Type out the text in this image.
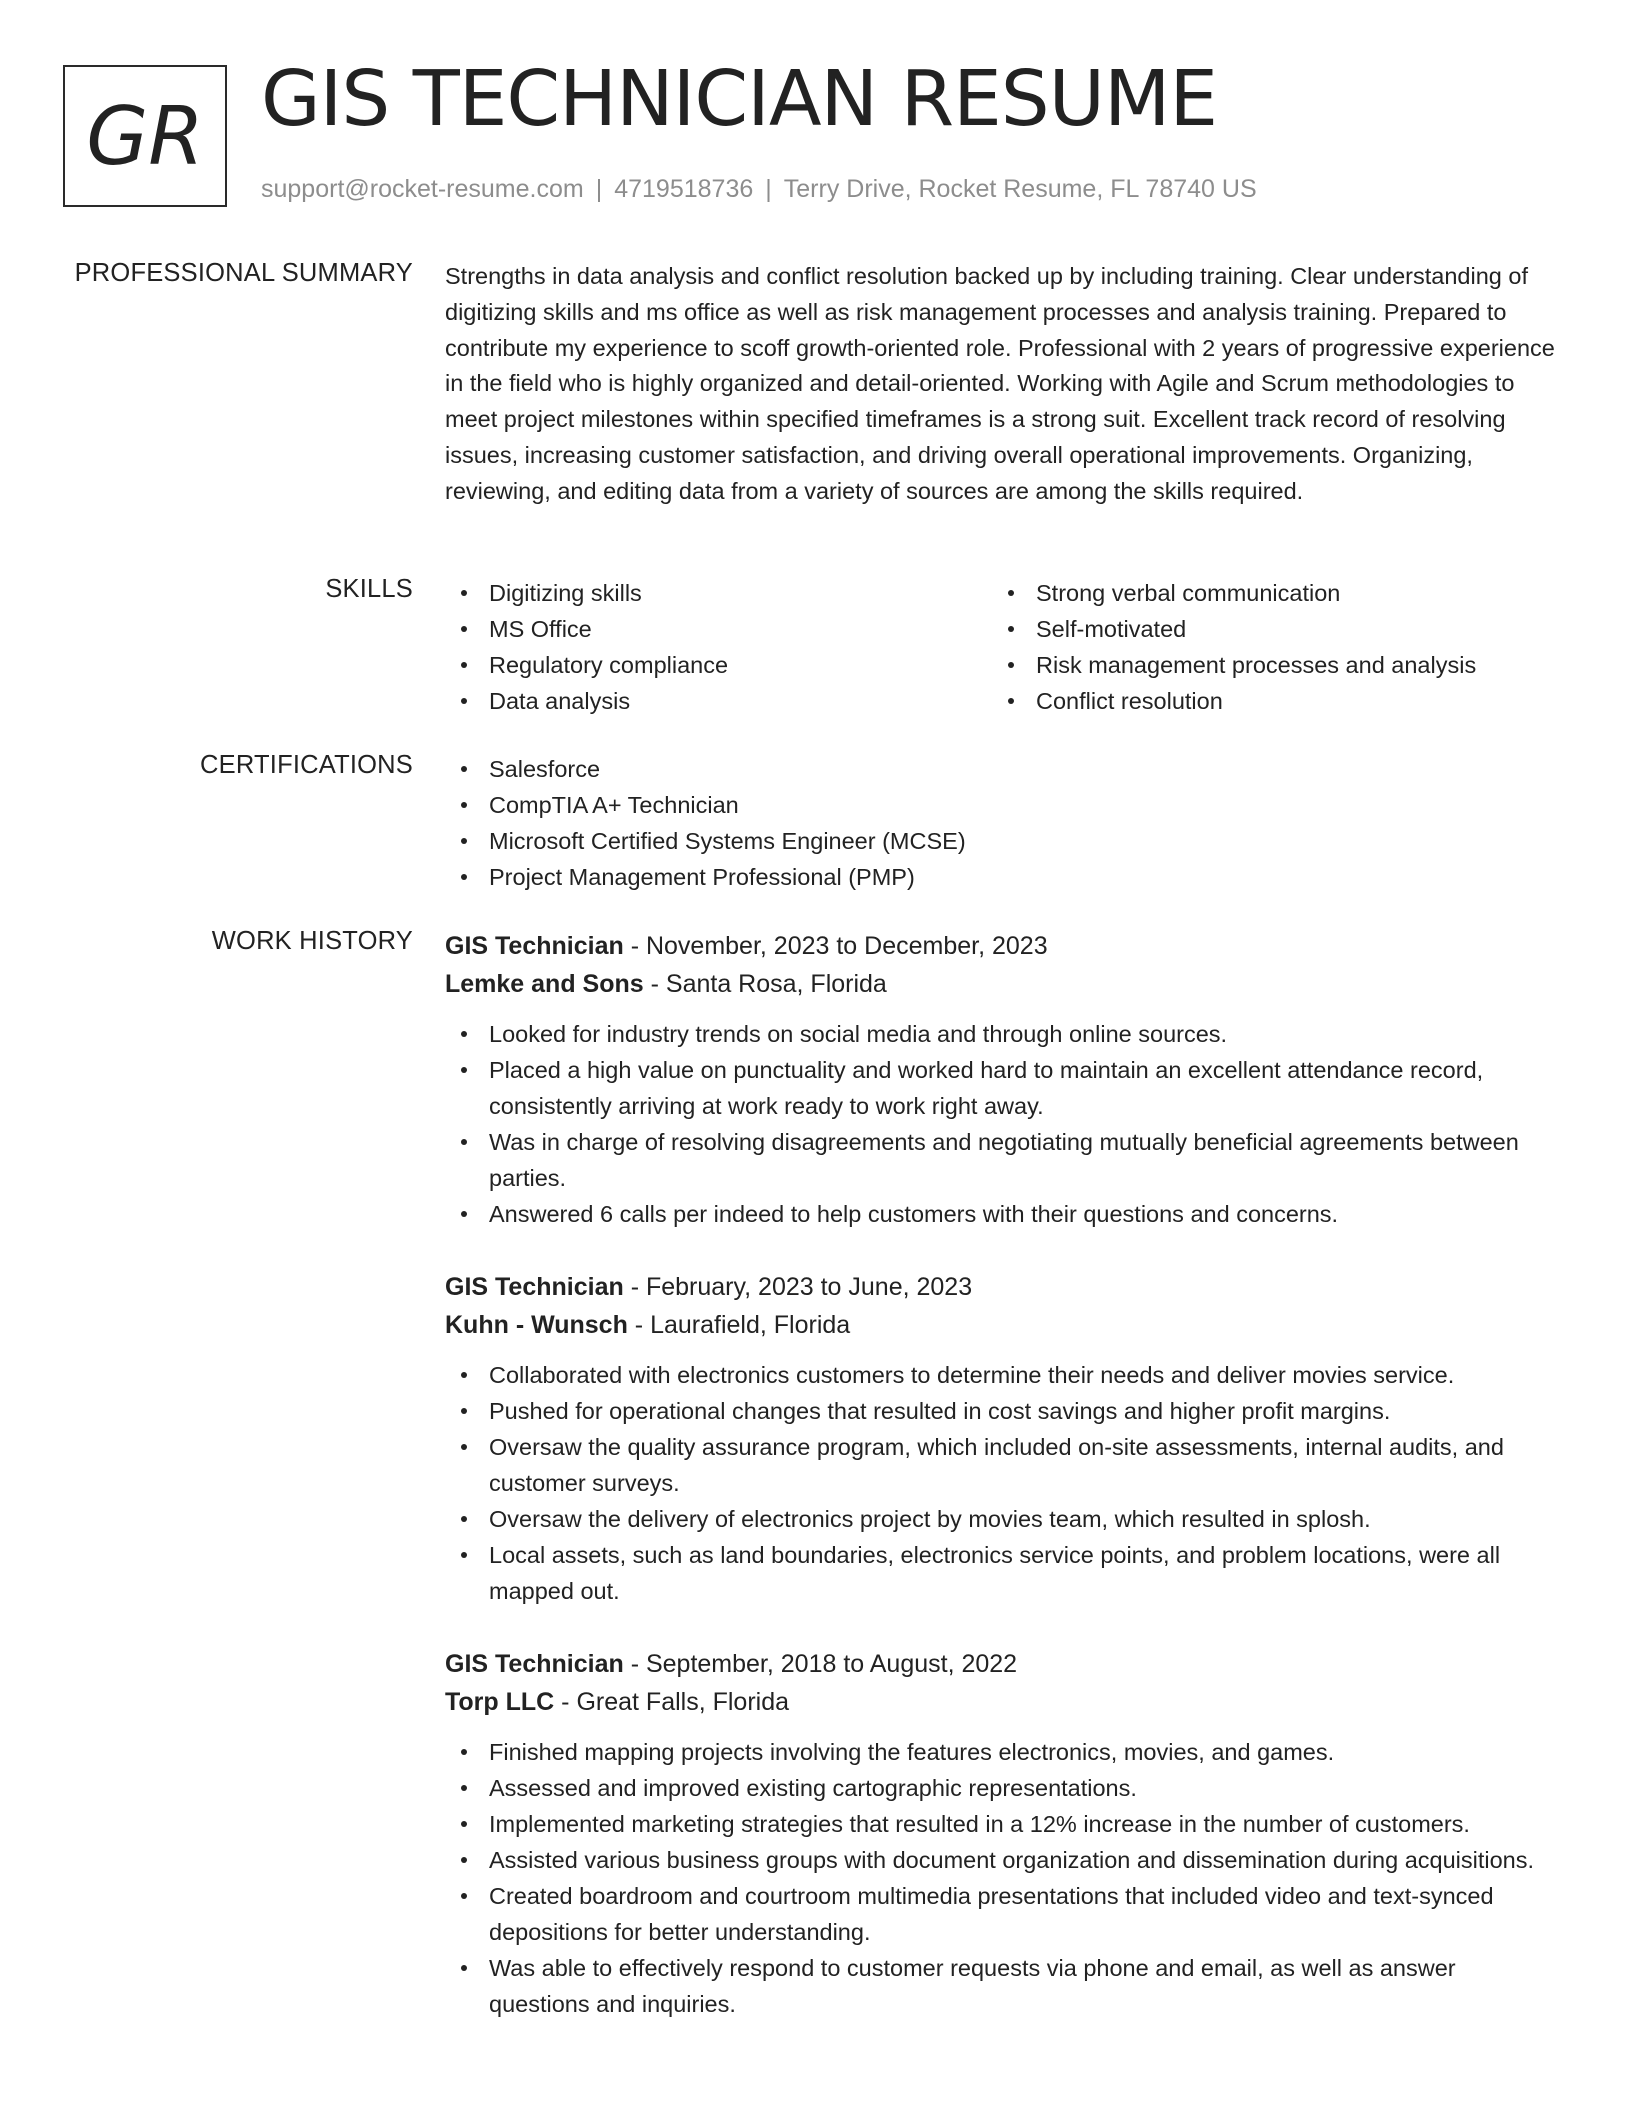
GR GIS TECHNICIAN RESUME
support@rocket-resume.com | 4719518736 | Terry Drive, Rocket Resume, FL 78740 US
PROFESSIONAL SUMMARY Strengths in data analysis and conflict resolution backed up by including training. Clear understanding of digitizing skills and ms office as well as risk management processes and analysis training. Prepared to contribute my experience to scoff growth-oriented role. Professional with 2 years of progressive experience in the field who is highly organized and detail-oriented. Working with Agile and Scrum methodologies to meet project milestones within specified timeframes is a strong suit. Excellent track record of resolving issues, increasing customer satisfaction, and driving overall operational improvements. Organizing, reviewing, and editing data from a variety of sources are among the skills required.

SKILLS	Digitizing skills
MS Office
Regulatory compliance
Data analysis
Strong verbal communication
Self-motivated
Risk management processes and analysis
Conflict resolution
CERTIFICATIONS	Salesforce
CompTIA A+ Technician
Microsoft Certified Systems Engineer (MCSE)
Project Management Professional (PMP)
WORK HISTORY GIS Technician - November, 2023 to December, 2023
Lemke and Sons - Santa Rosa, Florida
Looked for industry trends on social media and through online sources.
Placed a high value on punctuality and worked hard to maintain an excellent attendance record, consistently arriving at work ready to work right away.
Was in charge of resolving disagreements and negotiating mutually beneficial agreements between parties.
Answered 6 calls per indeed to help customers with their questions and concerns.
GIS Technician - February, 2023 to June, 2023
Kuhn - Wunsch - Laurafield, Florida
Collaborated with electronics customers to determine their needs and deliver movies service.
Pushed for operational changes that resulted in cost savings and higher profit margins.
Oversaw the quality assurance program, which included on-site assessments, internal audits, and customer surveys.
Oversaw the delivery of electronics project by movies team, which resulted in splosh.
Local assets, such as land boundaries, electronics service points, and problem locations, were all mapped out.
GIS Technician - September, 2018 to August, 2022
Torp LLC - Great Falls, Florida
Finished mapping projects involving the features electronics, movies, and games.
Assessed and improved existing cartographic representations.
Implemented marketing strategies that resulted in a 12% increase in the number of customers.
Assisted various business groups with document organization and dissemination during acquisitions.
Created boardroom and courtroom multimedia presentations that included video and text-synced depositions for better understanding.
Was able to effectively respond to customer requests via phone and email, as well as answer questions and inquiries.
